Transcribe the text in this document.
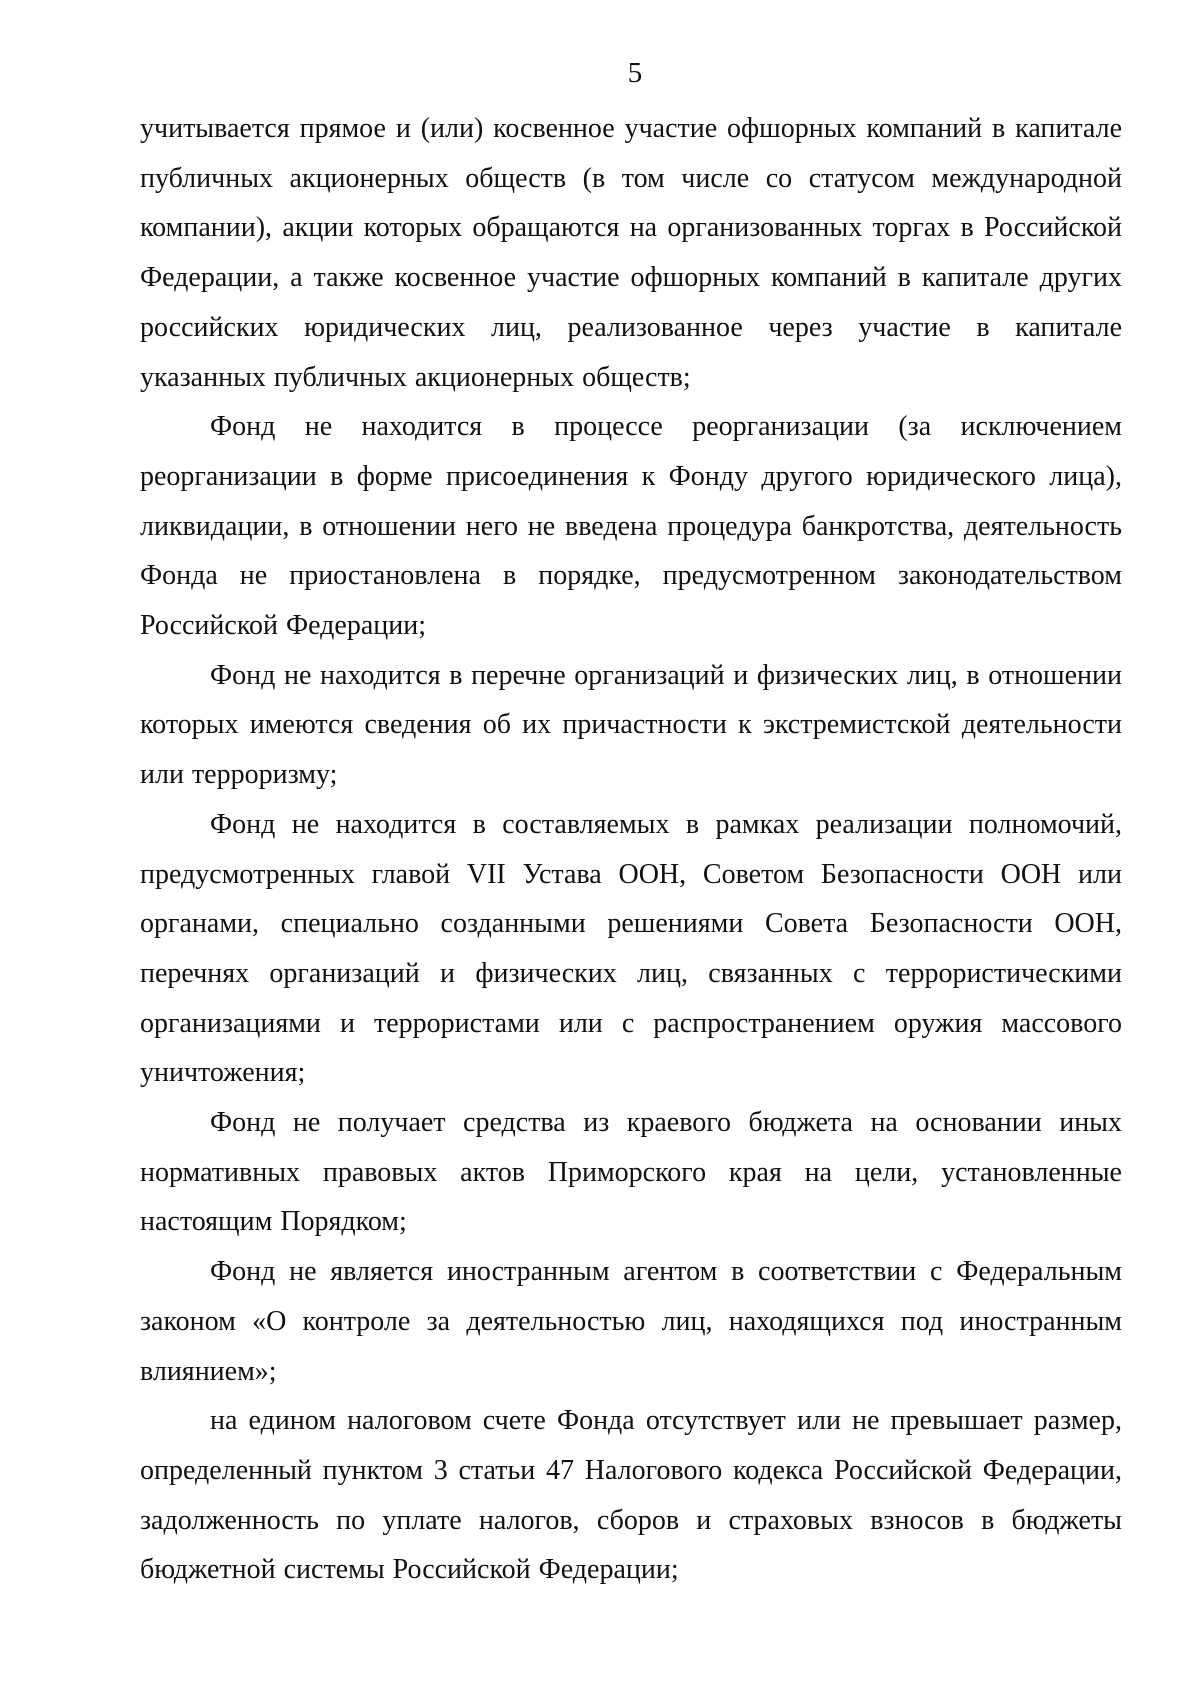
5

учитывается прямое и (или) косвенное участие офшорных компаний в капитале публичных акционерных обществ (в том числе со статусом международной компании), акции которых обращаются на организованных торгах в Российской Федерации, а также косвенное участие офшорных компаний в капитале других российских юридических лиц, реализованное через участие в капитале указанных публичных акционерных обществ;

Фонд не находится в процессе реорганизации (за исключением реорганизации в форме присоединения к Фонду другого юридического лица), ликвидации, в отношении него не введена процедура банкротства, деятельность Фонда не приостановлена в порядке, предусмотренном законодательством Российской Федерации;

Фонд не находится в перечне организаций и физических лиц, в отношении которых имеются сведения об их причастности к экстремистской деятельности или терроризму;

Фонд не находится в составляемых в рамках реализации полномочий, предусмотренных главой VII Устава ООН, Советом Безопасности ООН или органами, специально созданными решениями Совета Безопасности ООН, перечнях организаций и физических лиц, связанных с террористическими организациями и террористами или с распространением оружия массового уничтожения;

Фонд не получает средства из краевого бюджета на основании иных нормативных правовых актов Приморского края на цели, установленные настоящим Порядком;

Фонд не является иностранным агентом в соответствии с Федеральным законом «О контроле за деятельностью лиц, находящихся под иностранным влиянием»;

на едином налоговом счете Фонда отсутствует или не превышает размер, определенный пунктом 3 статьи 47 Налогового кодекса Российской Федерации, задолженность по уплате налогов, сборов и страховых взносов в бюджеты бюджетной системы Российской Федерации;
